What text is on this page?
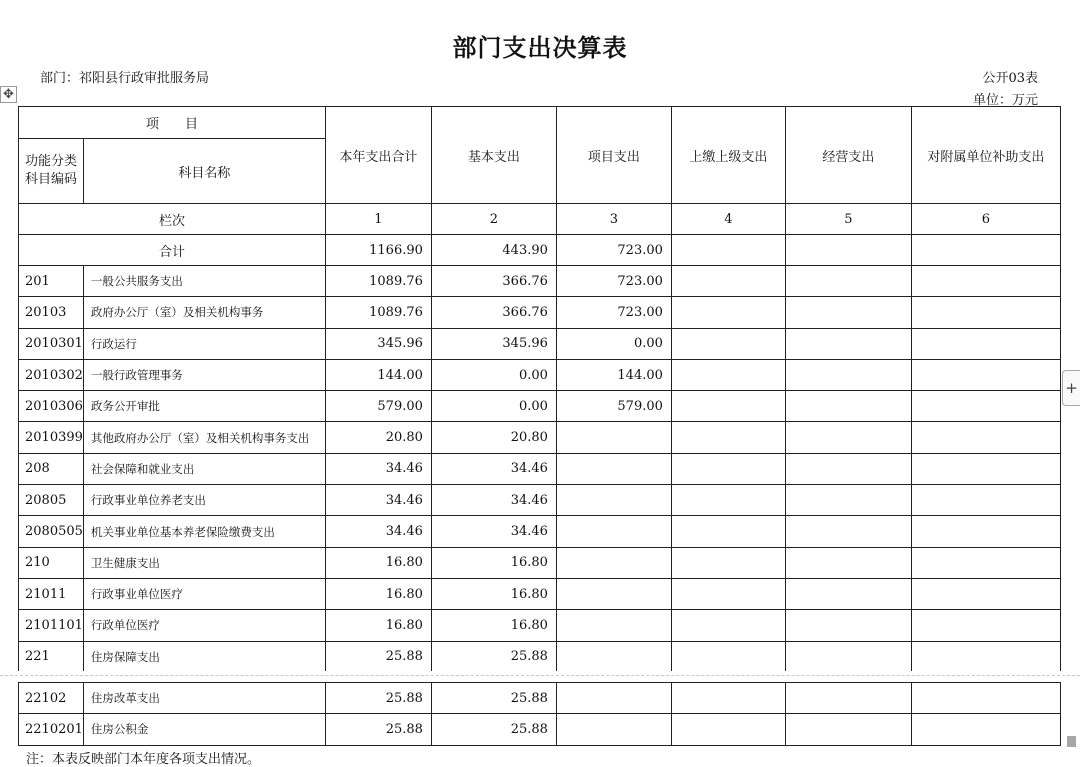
部门支出决算表
部门：祁阳县行政审批服务局	公开03表
单位：万元
✥
+
项　　目		本年支出合计	基本支出	项目支出	上缴上级支出	经营支出	对附属单位补助支出
功能分类科目编码	科目名称						
栏次		1	2	3	4	5	6
合计		1166.90	443.90	723.00			
201	一般公共服务支出	1089.76	366.76	723.00			
20103	政府办公厅（室）及相关机构事务	1089.76	366.76	723.00			
2010301	行政运行	345.96	345.96	0.00			
2010302	一般行政管理事务	144.00	0.00	144.00			
2010306	政务公开审批	579.00	0.00	579.00			
2010399	其他政府办公厅（室）及相关机构事务支出	20.80	20.80				
208	社会保障和就业支出	34.46	34.46				
20805	行政事业单位养老支出	34.46	34.46				
2080505	机关事业单位基本养老保险缴费支出	34.46	34.46				
210	卫生健康支出	16.80	16.80				
21011	行政事业单位医疗	16.80	16.80				
2101101	行政单位医疗	16.80	16.80				
221	住房保障支出	25.88	25.88				
22102	住房改革支出	25.88	25.88				
2210201	住房公积金	25.88	25.88				
注：本表反映部门本年度各项支出情况。
